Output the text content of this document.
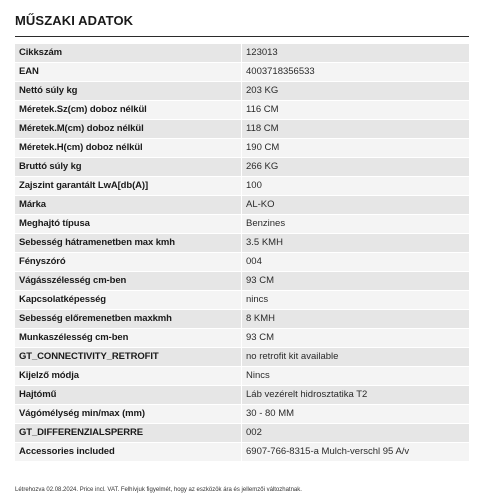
MŰSZAKI ADATOK
Cikkszám	123013
EAN	4003718356533
Nettó súly kg	203 KG
Méretek.Sz(cm) doboz nélkül	116 CM
Méretek.M(cm) doboz nélkül	118 CM
Méretek.H(cm) doboz nélkül	190 CM
Bruttó súly kg	266 KG
Zajszint garantált LwA[db(A)]	100
Márka	AL-KO
Meghajtó típusa	Benzines
Sebesség hátramenetben max kmh	3.5 KMH
Fényszóró	004
Vágásszélesség cm-ben	93 CM
Kapcsolatképesség	nincs
Sebesség előremenetben maxkmh	8 KMH
Munkaszélesség cm-ben	93 CM
GT_CONNECTIVITY_RETROFIT	no retrofit kit available
Kijelző módja	Nincs
Hajtómű	Láb vezérelt hidrosztatika T2
Vágómélység min/max (mm)	30 - 80 MM
GT_DIFFERENZIALSPERRE	002
Accessories included	6907-766-8315-a Mulch-verschl 95 A/v
Létrehozva 02.08.2024. Price incl. VAT. Felhívjuk figyelmét, hogy az eszközök ára és jellemzői változhatnak.
